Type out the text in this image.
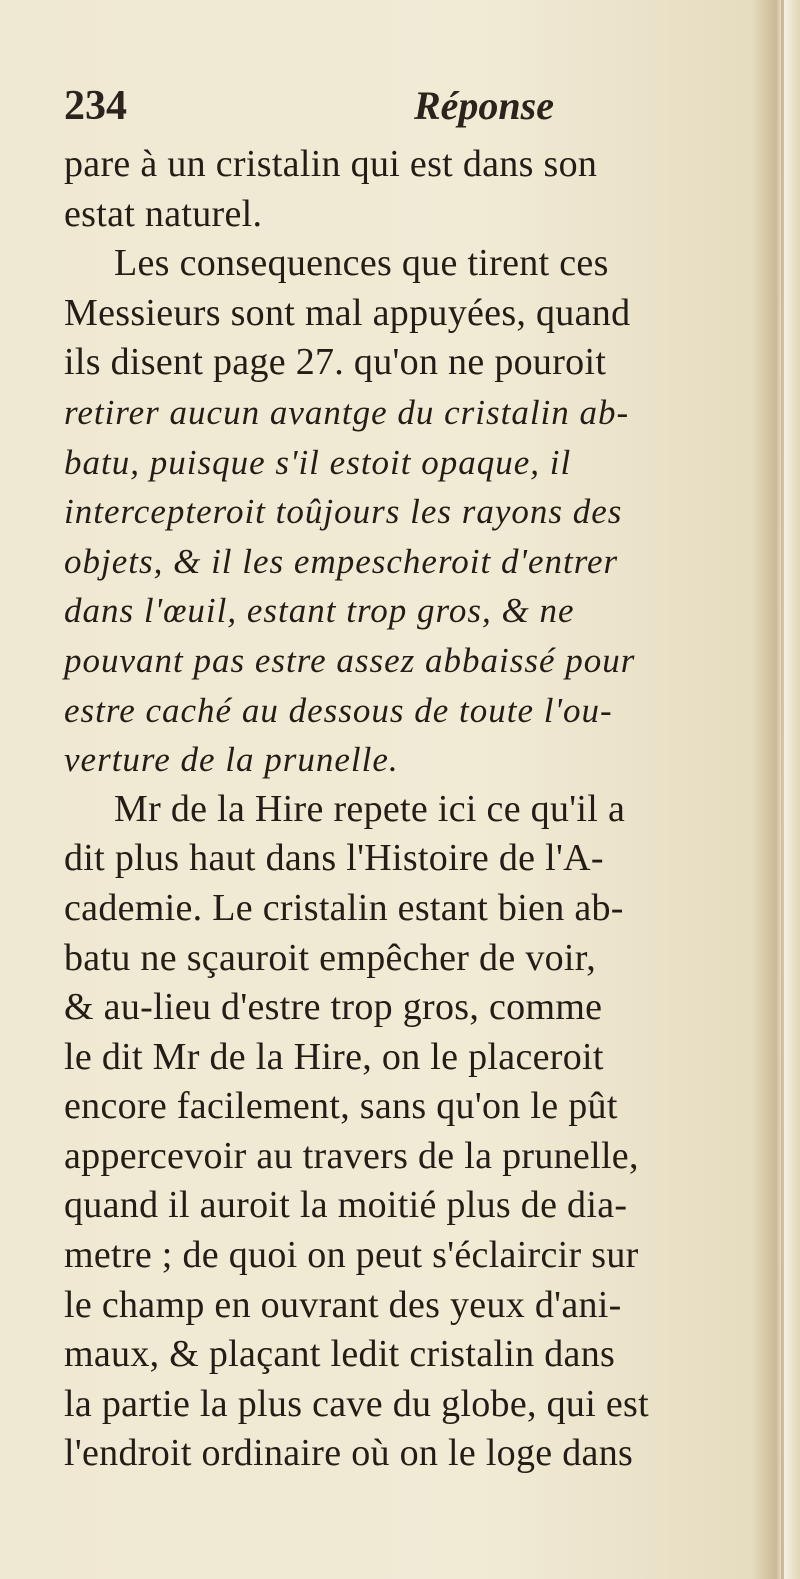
234	Réponse
pare à un cristalin qui est dans son
estat naturel.
Les consequences que tirent ces
Messieurs sont mal appuyées, quand
ils disent page 27. qu'on ne pouroit
retirer aucun avantge du cristalin ab-
batu, puisque s'il estoit opaque, il
intercepteroit toûjours les rayons des
objets, & il les empescheroit d'entrer
dans l'œuil, estant trop gros, & ne
pouvant pas estre assez abbaissé pour
estre caché au dessous de toute l'ou-
verture de la prunelle.
Mr de la Hire repete ici ce qu'il a
dit plus haut dans l'Histoire de l'A-
cademie. Le cristalin estant bien ab-
batu ne sçauroit empêcher de voir,
& au-lieu d'estre trop gros, comme
le dit Mr de la Hire, on le placeroit
encore facilement, sans qu'on le pût
appercevoir au travers de la prunelle,
quand il auroit la moitié plus de dia-
metre ; de quoi on peut s'éclaircir sur
le champ en ouvrant des yeux d'ani-
maux, & plaçant ledit cristalin dans
la partie la plus cave du globe, qui est
l'endroit ordinaire où on le loge dans
